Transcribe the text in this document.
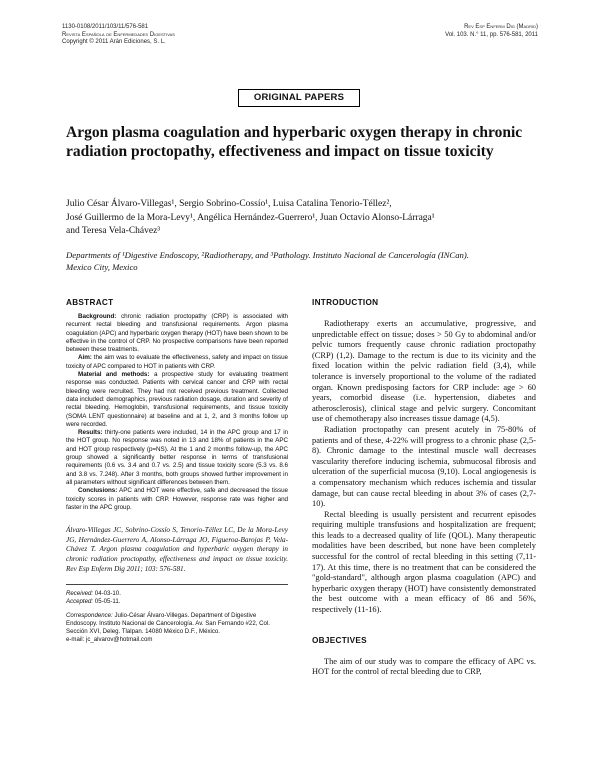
1130-0108/2011/103/11/576-581
Revista Española de Enfermedades Digestivas
Copyright © 2011 Arán Ediciones, S. L.
Rev Esp Enferm Dig (Madrid)
Vol. 103. N.° 11, pp. 576-581, 2011
ORIGINAL PAPERS
Argon plasma coagulation and hyperbaric oxygen therapy in chronic radiation proctopathy, effectiveness and impact on tissue toxicity
Julio César Álvaro-Villegas¹, Sergio Sobrino-Cossío¹, Luisa Catalina Tenorio-Téllez²,
José Guillermo de la Mora-Levy¹, Angélica Hernández-Guerrero¹, Juan Octavio Alonso-Lárraga¹
and Teresa Vela-Chávez³
Departments of ¹Digestive Endoscopy, ²Radiotherapy, and ³Pathology. Instituto Nacional de Cancerología (INCan).
Mexico City, Mexico
ABSTRACT

Background: chronic radiation proctopathy (CRP) is associated with recurrent rectal bleeding and transfusional requirements. Argon plasma coagulation (APC) and hyperbaric oxygen therapy (HOT) have been shown to be effective in the control of CRP. No prospective comparisons have been reported between these treatments.

Aim: the aim was to evaluate the effectiveness, safety and impact on tissue toxicity of APC compared to HOT in patients with CRP.

Material and methods: a prospective study for evaluating treatment response was conducted. Patients with cervical cancer and CRP with rectal bleeding were recruited. They had not received previous treatment. Collected data included: demographics, previous radiation dosage, duration and severity of rectal bleeding. Hemoglobin, transfusional requirements, and tissue toxicity (SOMA LENT questionnaire) at baseline and at 1, 2, and 3 months follow up were recorded.

Results: thirty-one patients were included, 14 in the APC group and 17 in the HOT group. No response was noted in 13 and 18% of patients in the APC and HOT group respectively (p=NS). At the 1 and 2 months follow-up, the APC group showed a significantly better response in terms of transfusional requirements (0.6 vs. 3.4 and 0.7 vs. 2.5) and tissue toxicity score (5.3 vs. 8.6 and 3.8 vs. 7.248). After 3 months, both groups showed further improvement in all parameters without significant differences between them.

Conclusions: APC and HOT were effective, safe and decreased the tissue toxicity scores in patients with CRP. However, response rate was higher and faster in the APC group.

Álvaro-Villegas JC, Sobrino-Cossío S, Tenorio-Téllez LC, De la Mora-Levy JG, Hernández-Guerrero A, Alonso-Lárraga JO, Figueroa-Barojas P, Vela-Chávez T. Argon plasma coagulation and hyperbaric oxygen therapy in chronic radiation proctopathy, effectiveness and impact on tissue toxicity. Rev Esp Enferm Dig 2011; 103: 576-581.

Received: 04-03-10.

Accepted: 05-05-11.

Correspondence: Julio-César Álvaro-Villegas. Department of Digestive Endoscopy. Instituto Nacional de Cancerología. Av. San Fernando #22, Col. Sección XVI, Deleg. Tlalpan. 14080 México D.F., México.

e-mail: jc_alvarov@hotmail.com

INTRODUCTION

Radiotherapy exerts an accumulative, progressive, and unpredictable effect on tissue; doses > 50 Gy to abdominal and/or pelvic tumors frequently cause chronic radiation proctopathy (CRP) (1,2). Damage to the rectum is due to its vicinity and the fixed location within the pelvic radiation field (3,4), while tolerance is inversely proportional to the volume of the radiated organ. Known predisposing factors for CRP include: age > 60 years, comorbid disease (i.e. hypertension, diabetes and atherosclerosis), clinical stage and pelvic surgery. Concomitant use of chemotherapy also increases tissue damage (4,5).

Radiation proctopathy can present acutely in 75-80% of patients and of these, 4-22% will progress to a chronic phase (2,5-8). Chronic damage to the intestinal muscle wall decreases vascularity therefore inducing ischemia, submucosal fibrosis and ulceration of the superficial mucosa (9,10). Local angiogenesis is a compensatory mechanism which reduces ischemia and tissular damage, but can cause rectal bleeding in about 3% of cases (2,7-10).

Rectal bleeding is usually persistent and recurrent episodes requiring multiple transfusions and hospitalization are frequent; this leads to a decreased quality of life (QOL). Many therapeutic modalities have been described, but none have been completely successful for the control of rectal bleeding in this setting (7,11-17). At this time, there is no treatment that can be considered the "gold-standard", although argon plasma coagulation (APC) and hyperbaric oxygen therapy (HOT) have consistently demonstrated the best outcome with a mean efficacy of 86 and 56%, respectively (11-16).

OBJECTIVES

The aim of our study was to compare the efficacy of APC vs. HOT for the control of rectal bleeding due to CRP,
